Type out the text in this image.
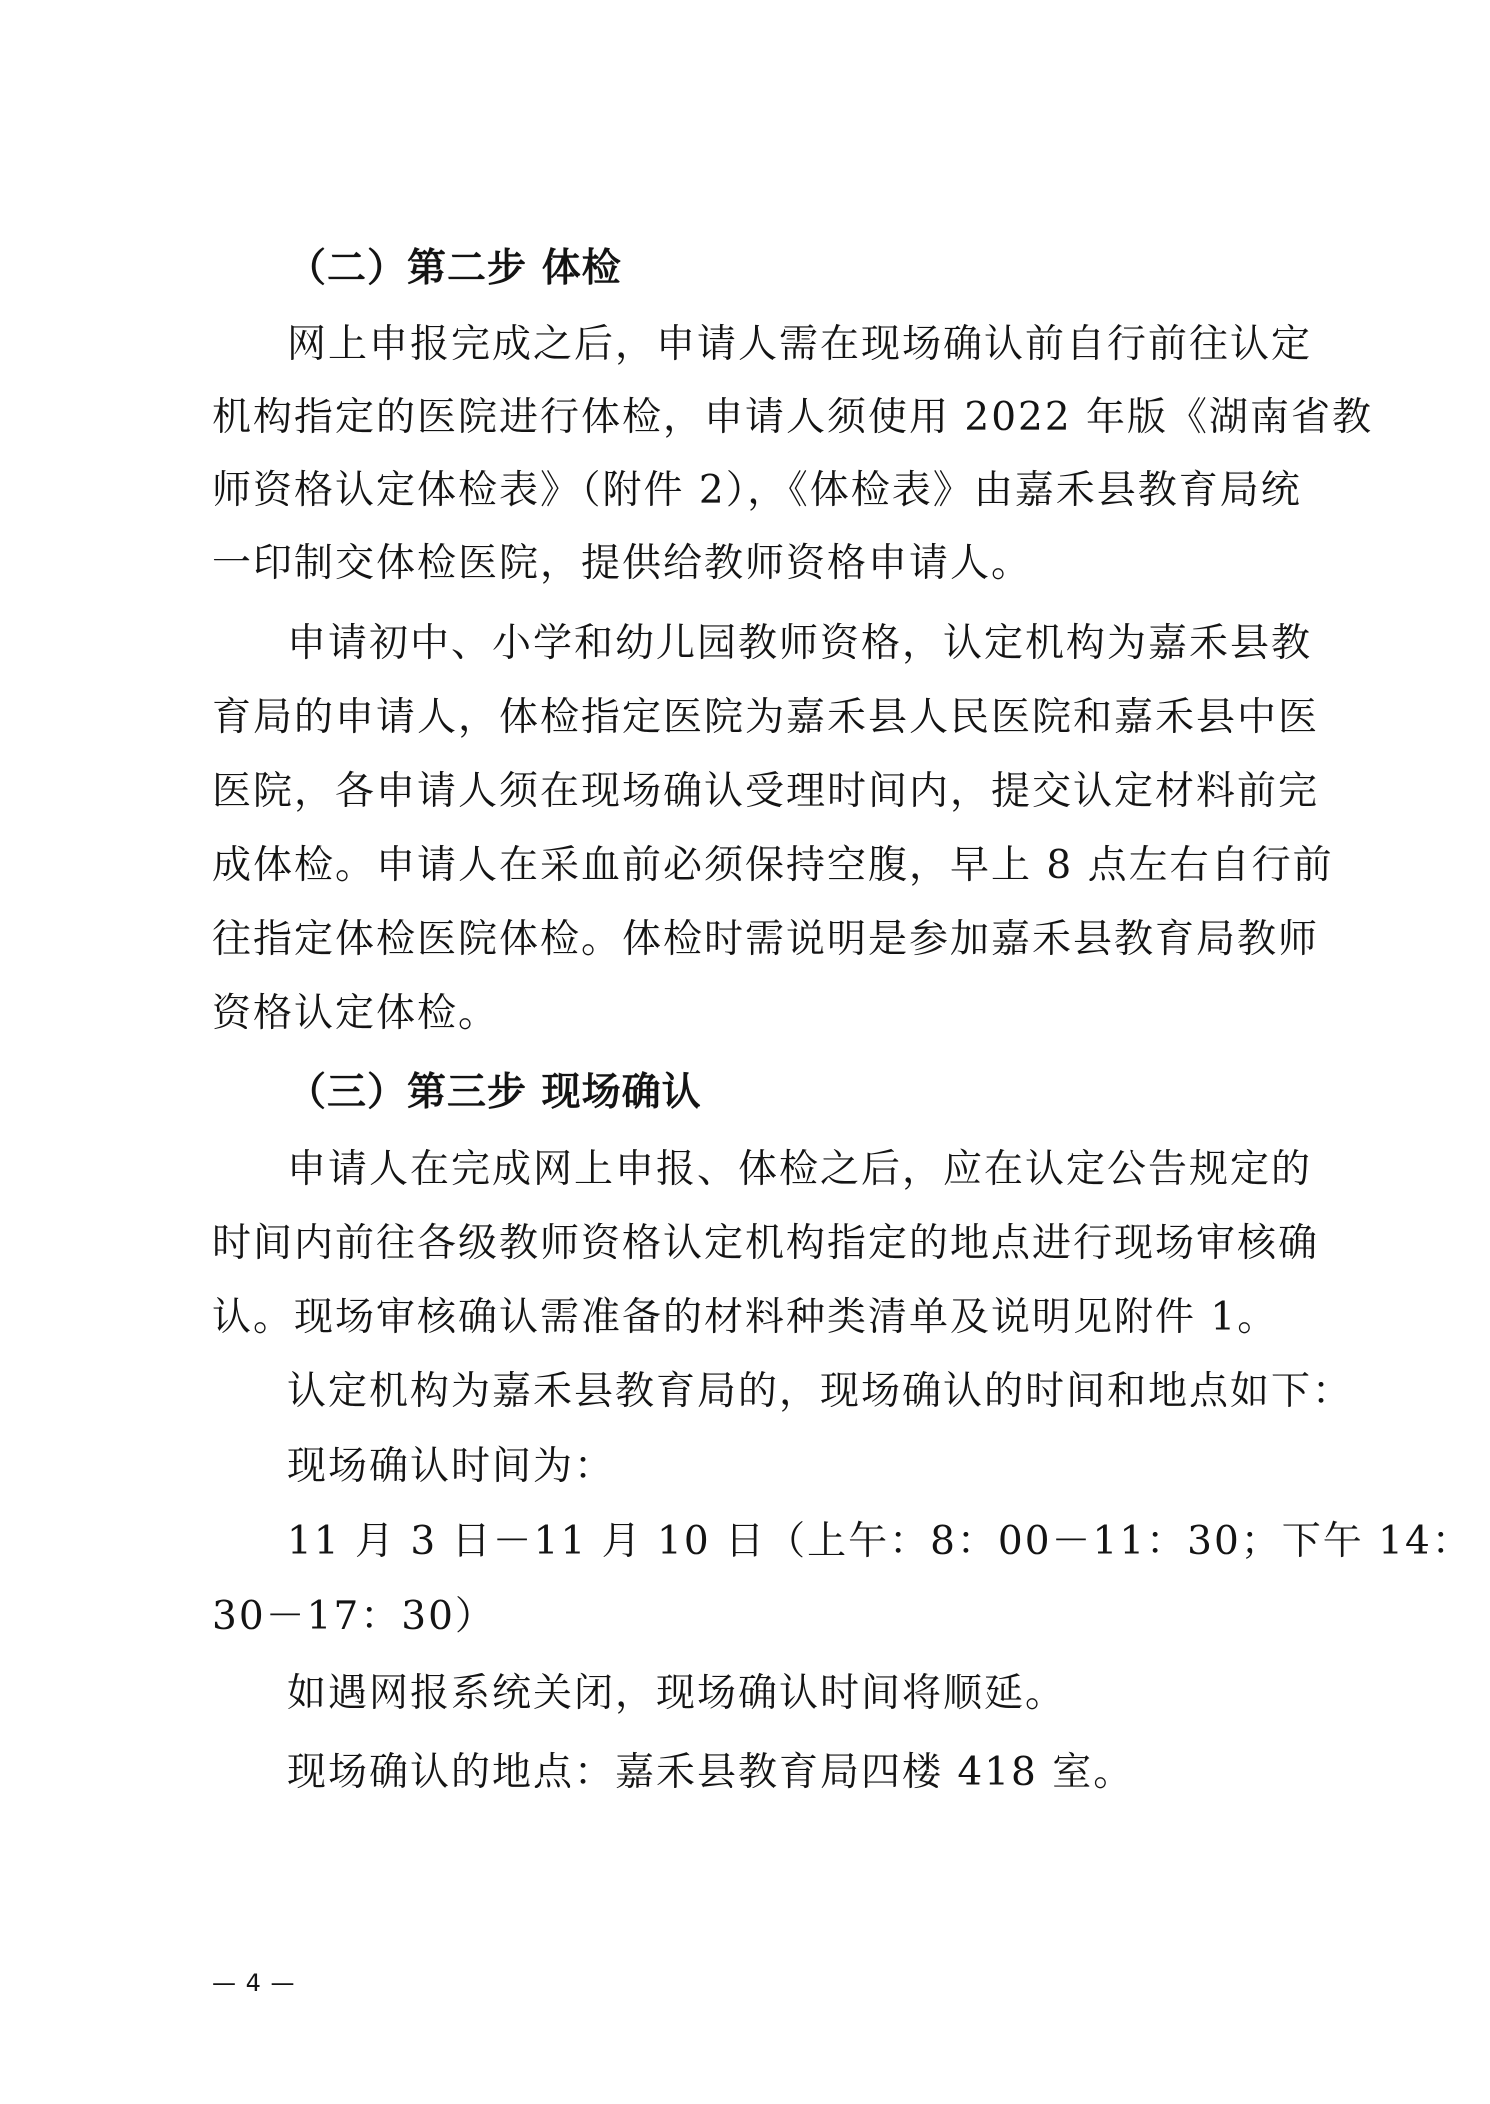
（二）第二步 体检
网上申报完成之后，申请人需在现场确认前自行前往认定
机构指定的医院进行体检，申请人须使用 2022 年版《湖南省教
师资格认定体检表》（附件 2），《体检表》由嘉禾县教育局统
一印制交体检医院，提供给教师资格申请人。
申请初中、小学和幼儿园教师资格，认定机构为嘉禾县教
育局的申请人，体检指定医院为嘉禾县人民医院和嘉禾县中医
医院，各申请人须在现场确认受理时间内，提交认定材料前完
成体检。申请人在采血前必须保持空腹，早上 8 点左右自行前
往指定体检医院体检。体检时需说明是参加嘉禾县教育局教师
资格认定体检。
（三）第三步 现场确认
申请人在完成网上申报、体检之后，应在认定公告规定的
时间内前往各级教师资格认定机构指定的地点进行现场审核确
认。现场审核确认需准备的材料种类清单及说明见附件 1。
认定机构为嘉禾县教育局的，现场确认的时间和地点如下：
现场确认时间为：
11 月 3 日－11 月 10 日（上午：8：00－11：30；下午 14：
30－17：30）
如遇网报系统关闭，现场确认时间将顺延。
现场确认的地点：嘉禾县教育局四楼 418 室。
— 4 —
